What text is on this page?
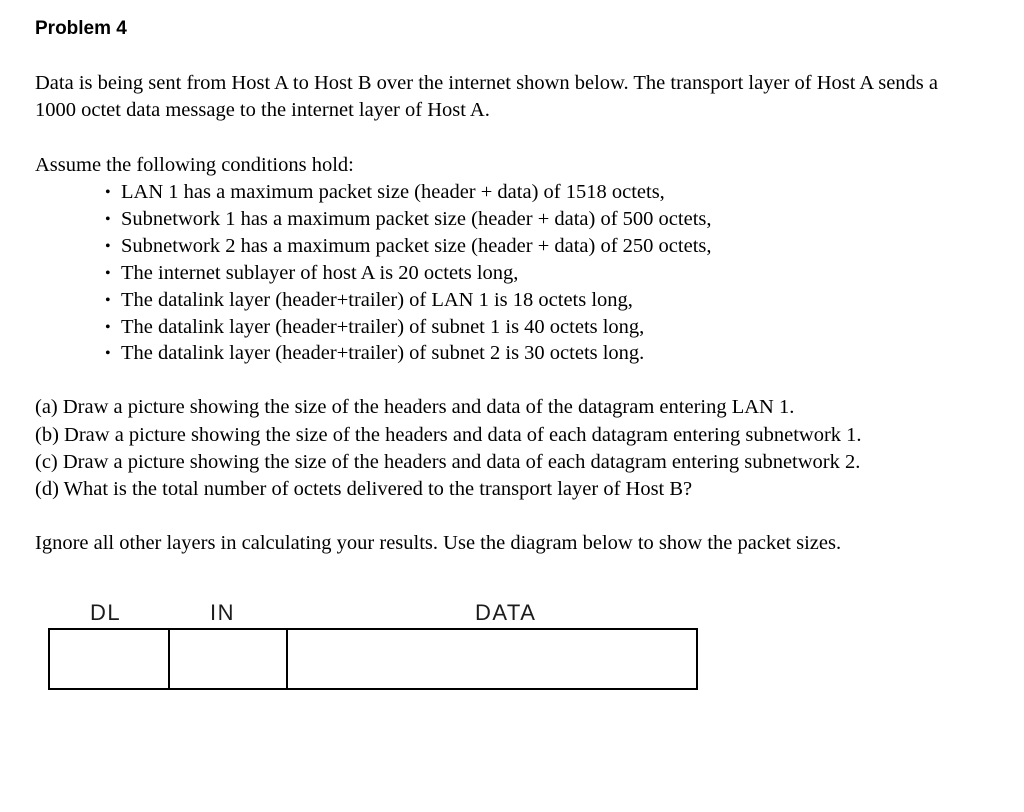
Problem 4

Data is being sent from Host A to Host B over the internet shown below. The transport layer of Host A sends a 1000 octet data message to the internet layer of Host A.

Assume the following conditions hold:

• LAN 1 has a maximum packet size (header + data) of 1518 octets,
• Subnetwork 1 has a maximum packet size (header + data) of 500 octets,
• Subnetwork 2 has a maximum packet size (header + data) of 250 octets,
• The internet sublayer of host A is 20 octets long,
• The datalink layer (header+trailer) of LAN 1 is 18 octets long,
• The datalink layer (header+trailer) of subnet 1 is 40 octets long,
• The datalink layer (header+trailer) of subnet 2 is 30 octets long.

(a) Draw a picture showing the size of the headers and data of the datagram entering LAN 1.

(b) Draw a picture showing the size of the headers and data of each datagram entering subnetwork 1.

(c) Draw a picture showing the size of the headers and data of each datagram entering subnetwork 2.

(d) What is the total number of octets delivered to the transport layer of Host B?

Ignore all other layers in calculating your results. Use the diagram below to show the packet sizes.

DL	IN	DATA
